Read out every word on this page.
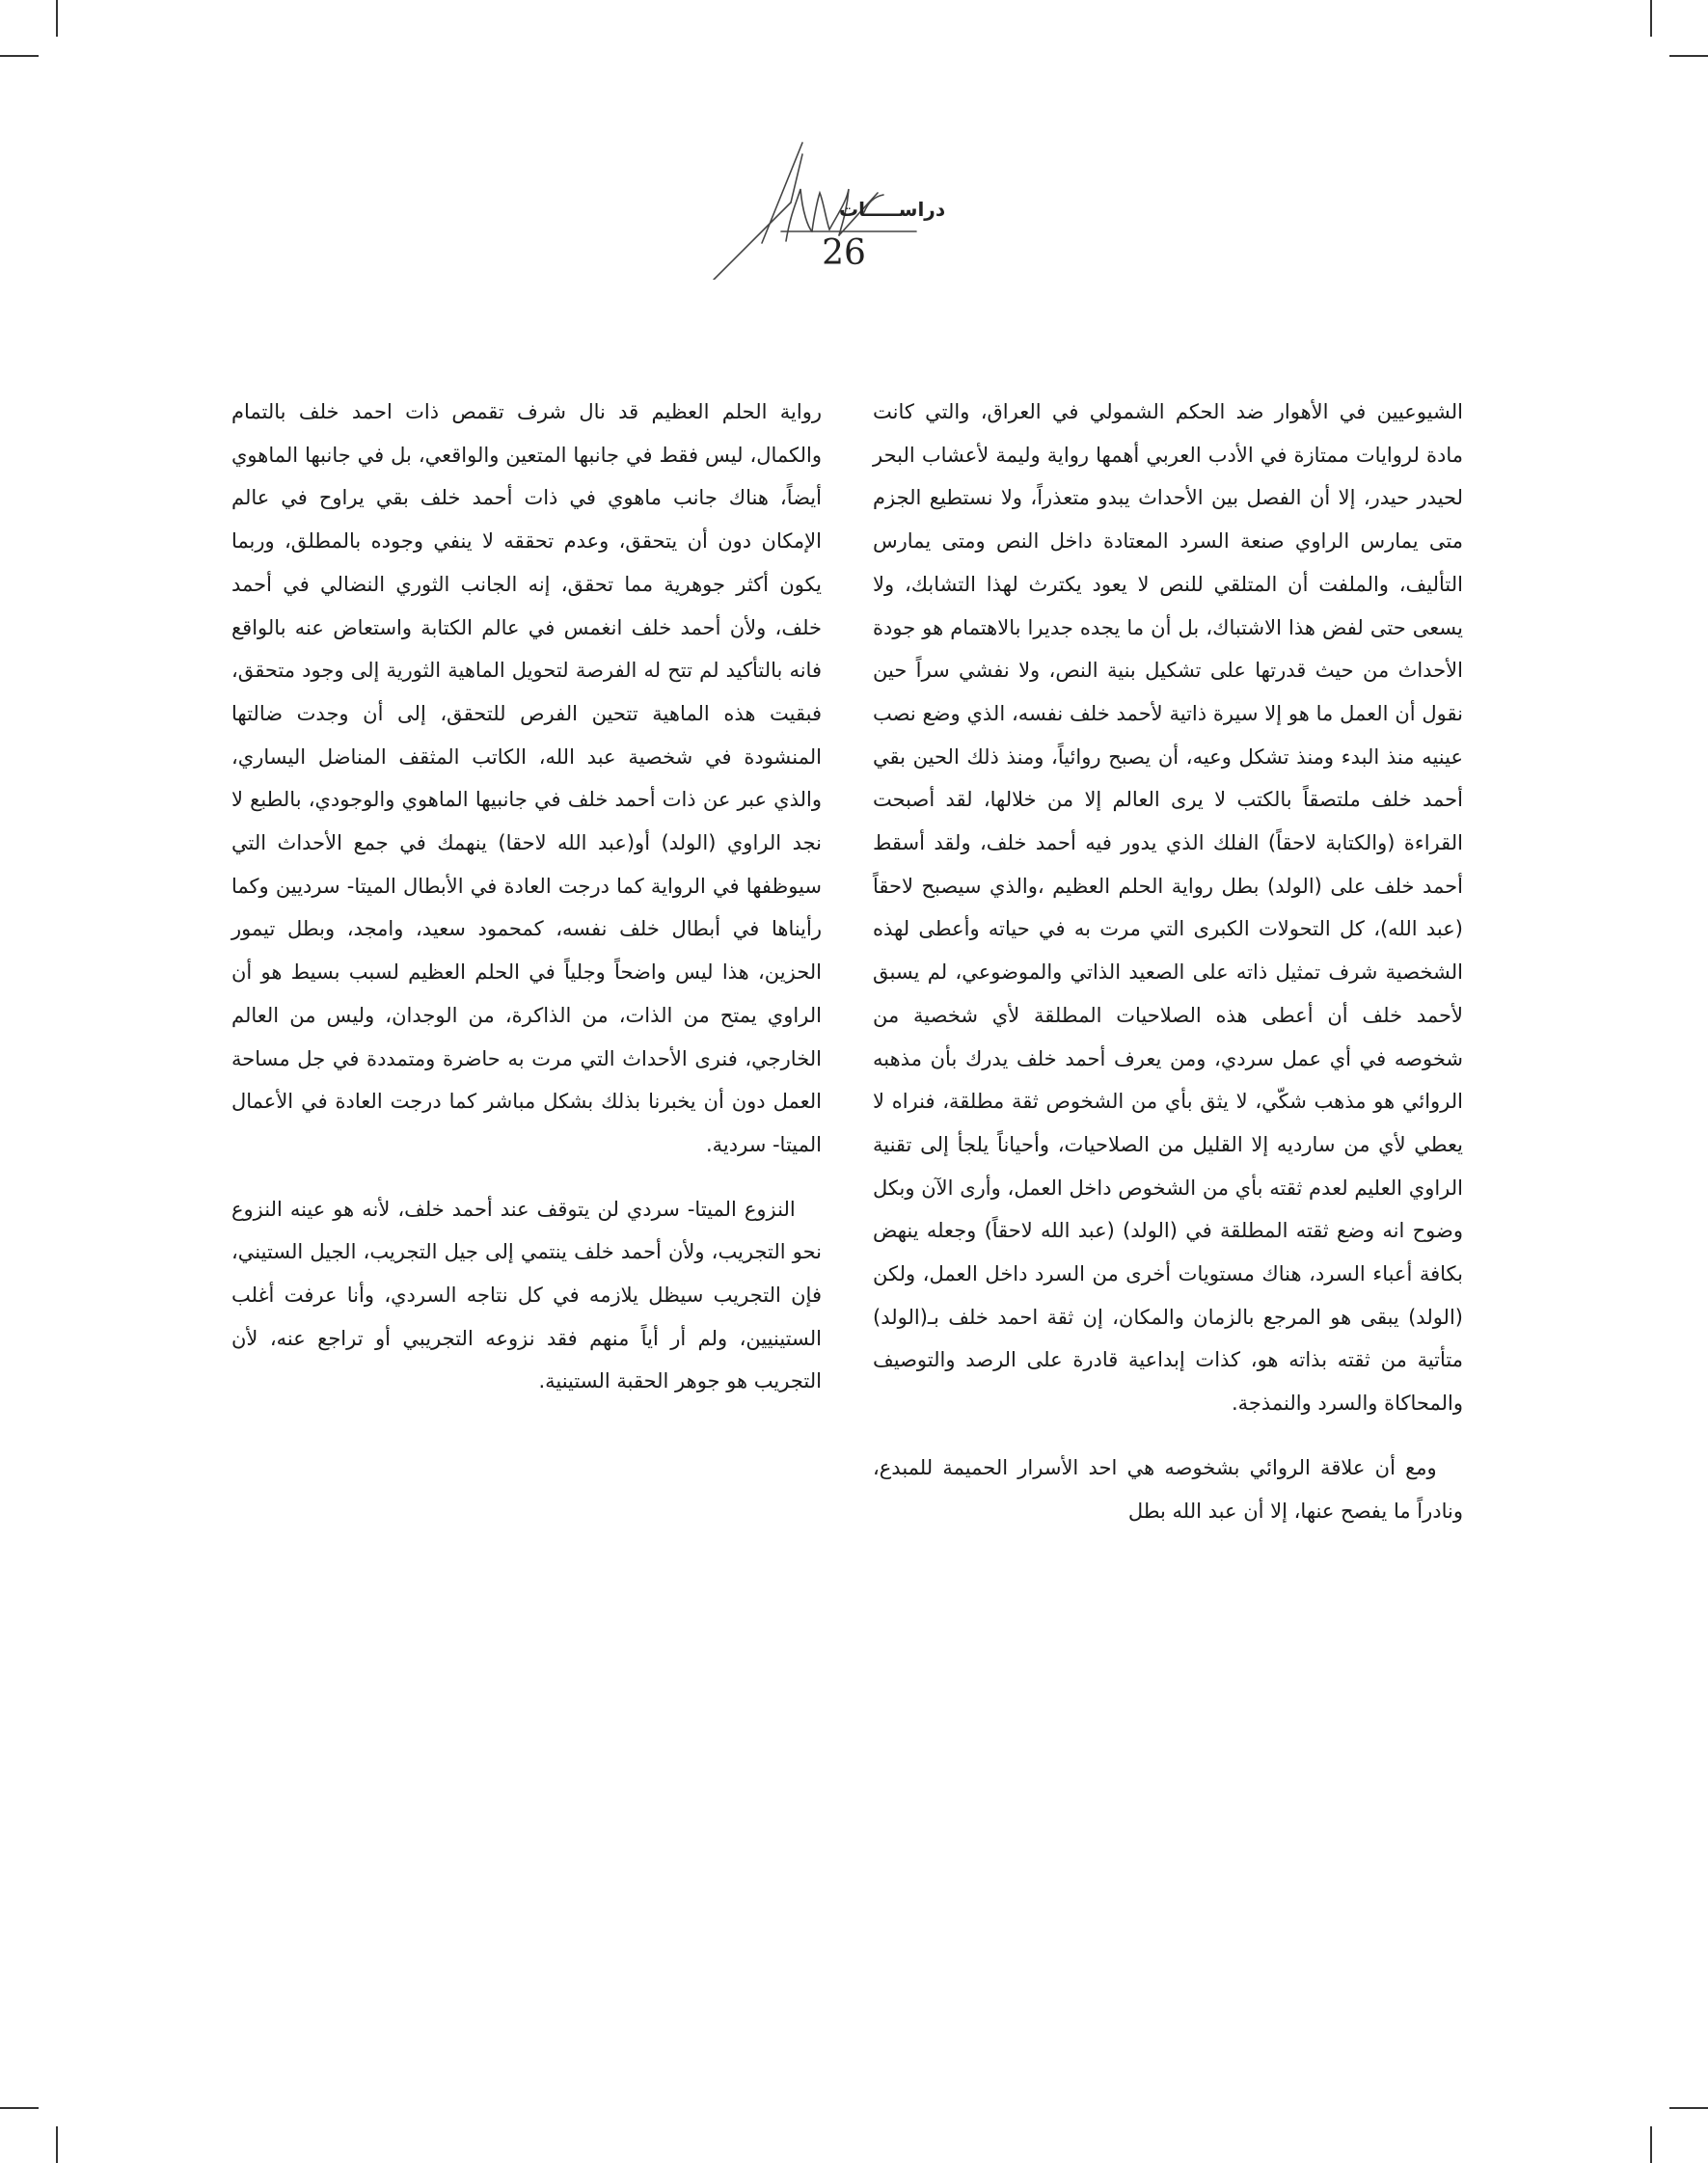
دراســـــات
26

الشيوعيين في الأهوار ضد الحكم الشمولي في العراق، والتي كانت مادة لروايات ممتازة في الأدب العربي أهمها رواية وليمة لأعشاب البحر لحيدر حيدر، إلا أن الفصل بين الأحداث يبدو متعذراً، ولا نستطيع الجزم متى يمارس الراوي صنعة السرد المعتادة داخل النص ومتى يمارس التأليف، والملفت أن المتلقي للنص لا يعود يكترث لهذا التشابك، ولا يسعى حتى لفض هذا الاشتباك، بل أن ما يجده جديرا بالاهتمام هو جودة الأحداث من حيث قدرتها على تشكيل بنية النص، ولا نفشي سراً حين نقول أن العمل ما هو إلا سيرة ذاتية لأحمد خلف نفسه، الذي وضع نصب عينيه منذ البدء ومنذ تشكل وعيه، أن يصبح روائياً، ومنذ ذلك الحين بقي أحمد خلف ملتصقاً بالكتب لا يرى العالم إلا من خلالها، لقد أصبحت القراءة (والكتابة لاحقاً) الفلك الذي يدور فيه أحمد خلف، ولقد أسقط أحمد خلف على (الولد) بطل رواية الحلم العظيم ،والذي سيصبح لاحقاً (عبد الله)، كل التحولات الكبرى التي مرت به في حياته وأعطى لهذه الشخصية شرف تمثيل ذاته على الصعيد الذاتي والموضوعي، لم يسبق لأحمد خلف أن أعطى هذه الصلاحيات المطلقة لأي شخصية من شخوصه في أي عمل سردي، ومن يعرف أحمد خلف يدرك بأن مذهبه الروائي هو مذهب شكّي، لا يثق بأي من الشخوص ثقة مطلقة، فنراه لا يعطي لأي من سارديه إلا القليل من الصلاحيات، وأحياناً يلجأ إلى تقنية الراوي العليم لعدم ثقته بأي من الشخوص داخل العمل، وأرى الآن وبكل وضوح انه وضع ثقته المطلقة في (الولد) (عبد الله لاحقاً) وجعله ينهض بكافة أعباء السرد، هناك مستويات أخرى من السرد داخل العمل، ولكن (الولد) يبقى هو المرجع بالزمان والمكان، إن ثقة احمد خلف بـ(الولد) متأتية من ثقته بذاته هو، كذات إبداعية قادرة على الرصد والتوصيف والمحاكاة والسرد والنمذجة.

ومع أن علاقة الروائي بشخوصه هي احد الأسرار الحميمة للمبدع، ونادراً ما يفصح عنها، إلا أن عبد الله بطل

رواية الحلم العظيم قد نال شرف تقمص ذات احمد خلف بالتمام والكمال، ليس فقط في جانبها المتعين والواقعي، بل في جانبها الماهوي أيضاً، هناك جانب ماهوي في ذات أحمد خلف بقي يراوح في عالم الإمكان دون أن يتحقق، وعدم تحققه لا ينفي وجوده بالمطلق، وربما يكون أكثر جوهرية مما تحقق، إنه الجانب الثوري النضالي في أحمد خلف، ولأن أحمد خلف انغمس في عالم الكتابة واستعاض عنه بالواقع فانه بالتأكيد لم تتح له الفرصة لتحويل الماهية الثورية إلى وجود متحقق، فبقيت هذه الماهية تتحين الفرص للتحقق، إلى أن وجدت ضالتها المنشودة في شخصية عبد الله، الكاتب المثقف المناضل اليساري، والذي عبر عن ذات أحمد خلف في جانبيها الماهوي والوجودي، بالطبع لا نجد الراوي (الولد) أو(عبد الله لاحقا) ينهمك في جمع الأحداث التي سيوظفها في الرواية كما درجت العادة في الأبطال الميتا- سرديين وكما رأيناها في أبطال خلف نفسه، كمحمود سعيد، وامجد، وبطل تيمور الحزين، هذا ليس واضحاً وجلياً في الحلم العظيم لسبب بسيط هو أن الراوي يمتح من الذات، من الذاكرة، من الوجدان، وليس من العالم الخارجي، فنرى الأحداث التي مرت به حاضرة ومتمددة في جل مساحة العمل دون أن يخبرنا بذلك بشكل مباشر كما درجت العادة في الأعمال الميتا- سردية.

النزوع الميتا- سردي لن يتوقف عند أحمد خلف، لأنه هو عينه النزوع نحو التجريب، ولأن أحمد خلف ينتمي إلى جيل التجريب، الجيل الستيني، فإن التجريب سيظل يلازمه في كل نتاجه السردي، وأنا عرفت أغلب الستينيين، ولم أر أياً منهم فقد نزوعه التجريبي أو تراجع عنه، لأن التجريب هو جوهر الحقبة الستينية.
